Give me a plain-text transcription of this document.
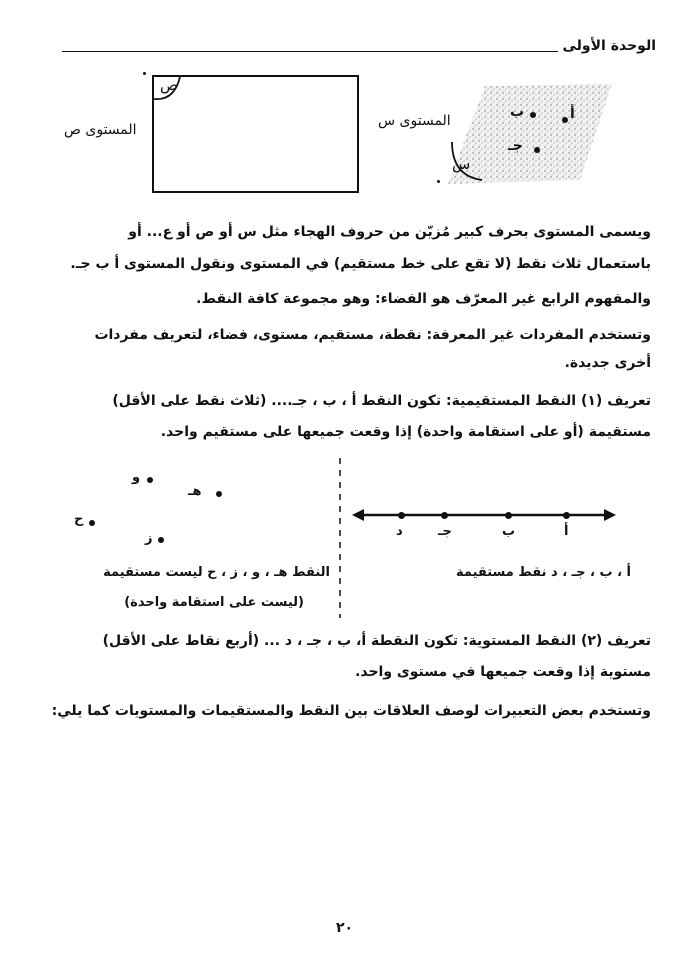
الوحدة الأولى
ص
المستوى ص
س
المستوى س	أ
ب
جـ
ويسمى المستوى بحرف كبير مُزيّن من حروف الهجاء مثل س أو ص أو ع... أو
باستعمال ثلاث نقط (لا تقع على خط مستقيم) في المستوى ونقول المستوى أ ب جـ.
والمفهوم الرابع غير المعرّف هو الفضاء: وهو مجموعة كافة النقط.
وتستخدم المفردات غير المعرفة: نقطة، مستقيم، مستوى، فضاء، لتعريف مفردات
أخرى جديدة.
تعريف (١) النقط المستقيمية: تكون النقط أ ، ب ، جـ.... (ثلاث نقط على الأقل)
مستقيمة (أو على استقامة واحدة) إذا وقعت جميعها على مستقيم واحد.
أ
ب
جـ
د
أ ، ب ، جـ ، د نقط مستقيمة
و
هـ
ح
ز
النقط هـ ، و ، ز ، ح ليست مستقيمة
(ليست على استقامة واحدة)
تعريف (٢) النقط المستوية: تكون النقطة أ، ب ، جـ ، د ... (أربع نقاط على الأقل)
مستوية إذا وقعت جميعها في مستوى واحد.
وتستخدم بعض التعبيرات لوصف العلاقات بين النقط والمستقيمات والمستويات كما يلي:
٢٠
